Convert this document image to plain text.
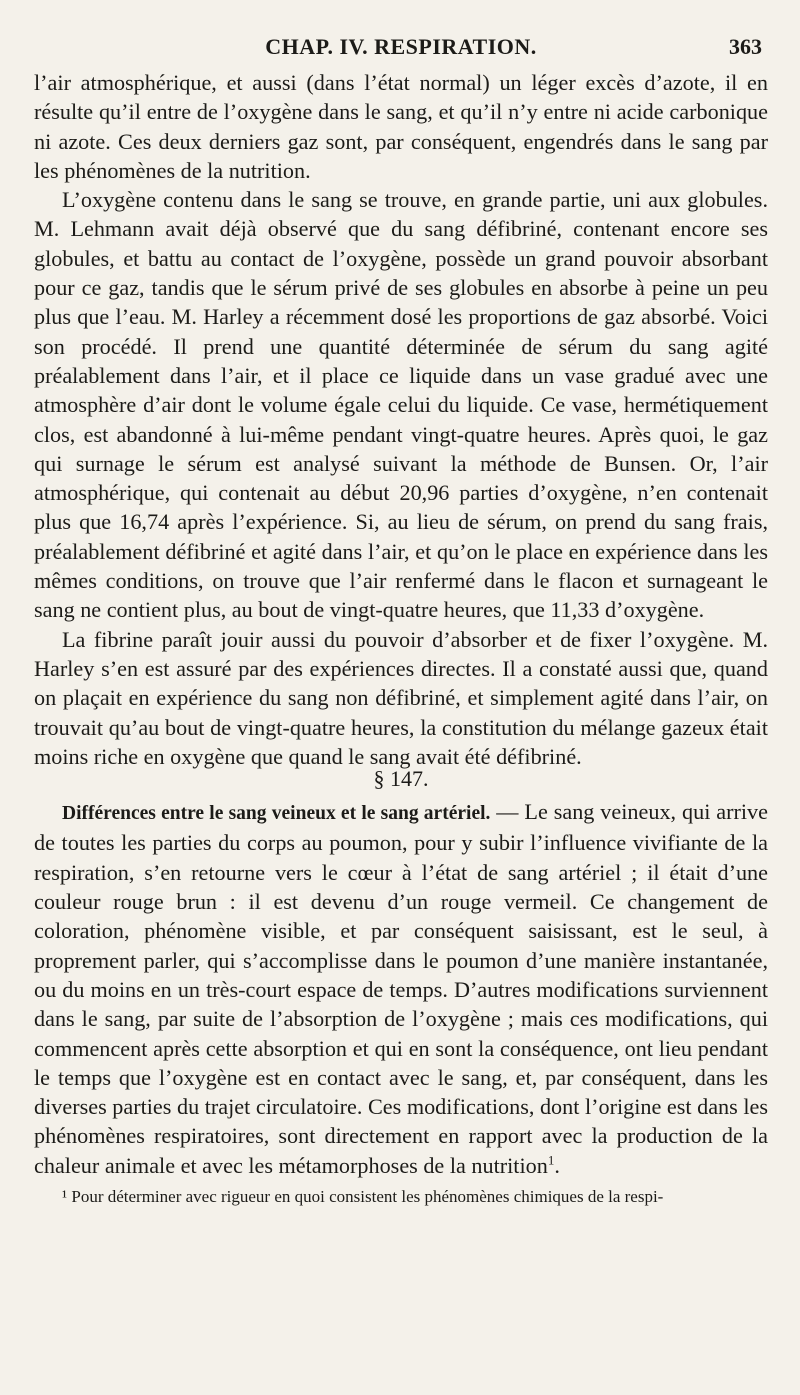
CHAP. IV. RESPIRATION.	363

l’air atmosphérique, et aussi (dans l’état normal) un léger excès d’azote, il en résulte qu’il entre de l’oxygène dans le sang, et qu’il n’y entre ni acide carbonique ni azote. Ces deux derniers gaz sont, par conséquent, engendrés dans le sang par les phénomènes de la nutrition.

L’oxygène contenu dans le sang se trouve, en grande partie, uni aux globules. M. Lehmann avait déjà observé que du sang défibriné, contenant encore ses globules, et battu au contact de l’oxygène, possède un grand pouvoir absorbant pour ce gaz, tandis que le sérum privé de ses globules en absorbe à peine un peu plus que l’eau. M. Harley a récemment dosé les proportions de gaz absorbé. Voici son procédé. Il prend une quantité déterminée de sérum du sang agité préalablement dans l’air, et il place ce liquide dans un vase gradué avec une atmosphère d’air dont le volume égale celui du liquide. Ce vase, hermétiquement clos, est abandonné à lui-même pendant vingt-quatre heures. Après quoi, le gaz qui surnage le sérum est analysé suivant la méthode de Bunsen. Or, l’air atmosphérique, qui contenait au début 20,96 parties d’oxygène, n’en contenait plus que 16,74 après l’expérience. Si, au lieu de sérum, on prend du sang frais, préalablement défibriné et agité dans l’air, et qu’on le place en expérience dans les mêmes conditions, on trouve que l’air renfermé dans le flacon et surnageant le sang ne contient plus, au bout de vingt-quatre heures, que 11,33 d’oxygène.

La fibrine paraît jouir aussi du pouvoir d’absorber et de fixer l’oxygène. M. Harley s’en est assuré par des expériences directes. Il a constaté aussi que, quand on plaçait en expérience du sang non défibriné, et simplement agité dans l’air, on trouvait qu’au bout de vingt-quatre heures, la constitution du mélange gazeux était moins riche en oxygène que quand le sang avait été défibriné.

§ 147.

Différences entre le sang veineux et le sang artériel. — Le sang veineux, qui arrive de toutes les parties du corps au poumon, pour y subir l’influence vivifiante de la respiration, s’en retourne vers le cœur à l’état de sang artériel ; il était d’une couleur rouge brun : il est devenu d’un rouge vermeil. Ce changement de coloration, phénomène visible, et par conséquent saisissant, est le seul, à proprement parler, qui s’accomplisse dans le poumon d’une manière instantanée, ou du moins en un très-court espace de temps. D’autres modifications surviennent dans le sang, par suite de l’absorption de l’oxygène ; mais ces modifications, qui commencent après cette absorption et qui en sont la conséquence, ont lieu pendant le temps que l’oxygène est en contact avec le sang, et, par conséquent, dans les diverses parties du trajet circulatoire. Ces modifications, dont l’origine est dans les phénomènes respiratoires, sont directement en rapport avec la production de la chaleur animale et avec les métamorphoses de la nutrition$^1$.

¹ Pour déterminer avec rigueur en quoi consistent les phénomènes chimiques de la respi-
